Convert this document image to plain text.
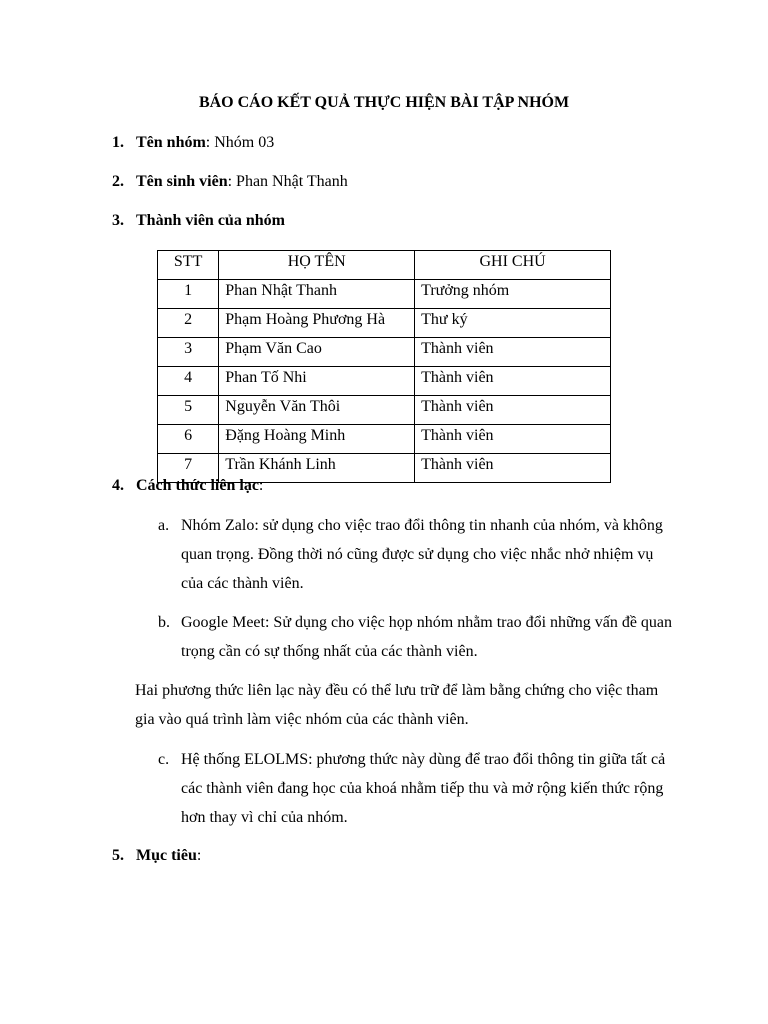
BÁO CÁO KẾT QUẢ THỰC HIỆN BÀI TẬP NHÓM
1. Tên nhóm: Nhóm 03
2. Tên sinh viên: Phan Nhật Thanh
3. Thành viên của nhóm
STT	HỌ TÊN	GHI CHÚ
1	Phan Nhật Thanh	Trưởng nhóm
2	Phạm Hoàng Phương Hà	Thư ký
3	Phạm Văn Cao	Thành viên
4	Phan Tố Nhi	Thành viên
5	Nguyễn Văn Thôi	Thành viên
6	Đặng Hoàng Minh	Thành viên
7	Trần Khánh Linh	Thành viên
4. Cách thức liên lạc:
a. Nhóm Zalo: sử dụng cho việc trao đổi thông tin nhanh của nhóm, và không quan trọng. Đồng thời nó cũng được sử dụng cho việc nhắc nhở nhiệm vụ của các thành viên.
b. Google Meet: Sử dụng cho việc họp nhóm nhằm trao đổi những vấn đề quan trọng cần có sự thống nhất của các thành viên.
Hai phương thức liên lạc này đều có thể lưu trữ để làm bằng chứng cho việc tham gia vào quá trình làm việc nhóm của các thành viên.
c. Hệ thống ELOLMS: phương thức này dùng để trao đổi thông tin giữa tất cả các thành viên đang học của khoá nhằm tiếp thu và mở rộng kiến thức rộng hơn thay vì chỉ của nhóm.
5. Mục tiêu:
